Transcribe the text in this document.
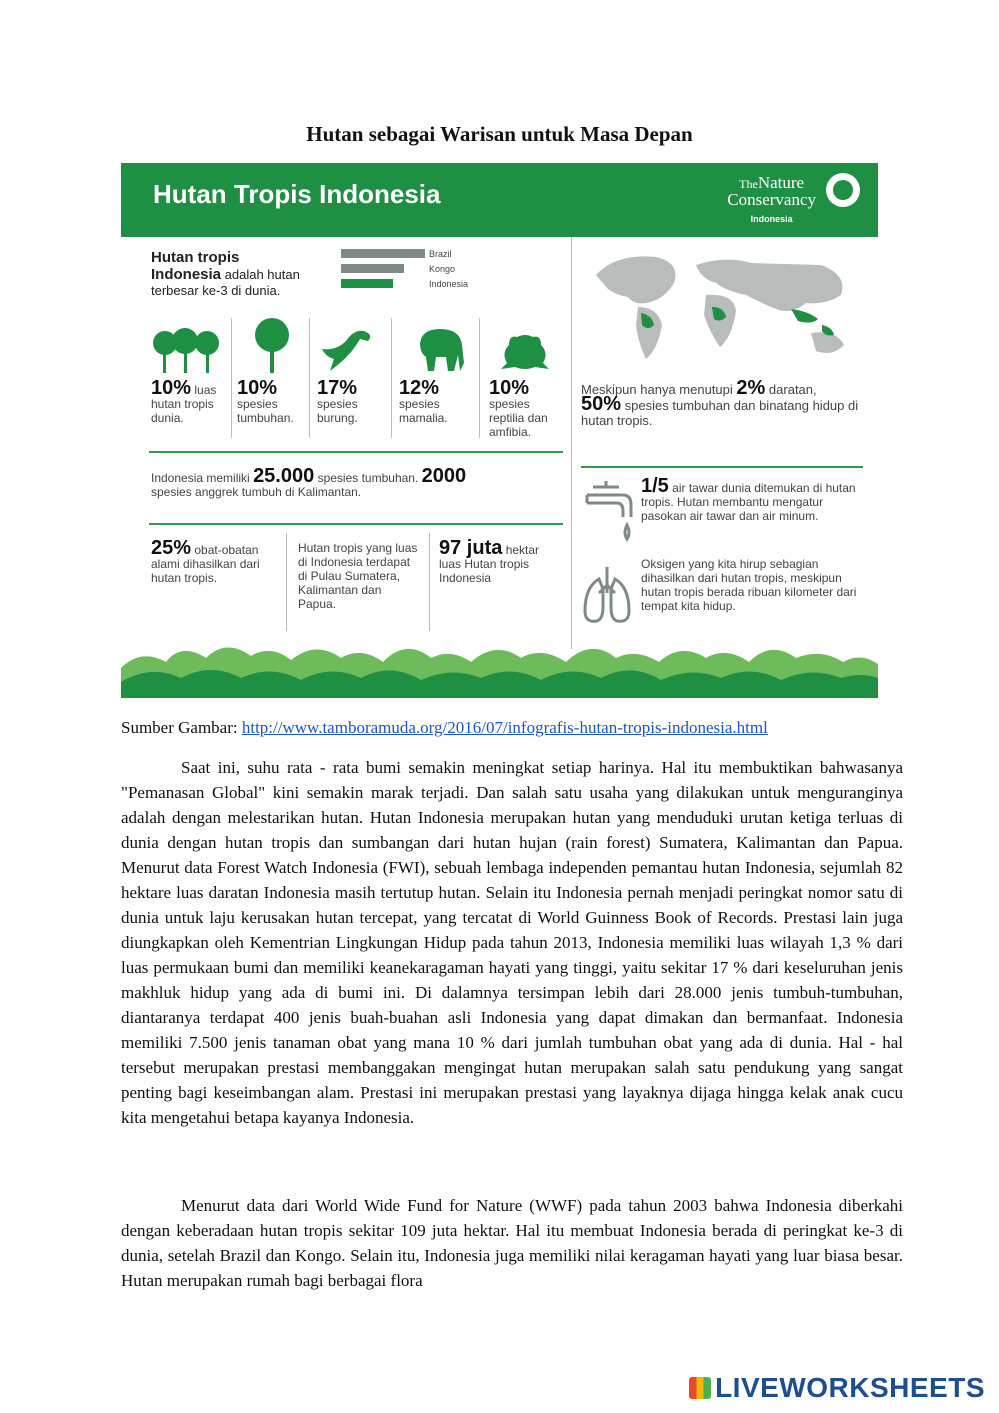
Hutan sebagai Warisan untuk Masa Depan
Hutan Tropis Indonesia	TheNature
Conservancy
Indonesia
Hutan tropis
Indonesia adalah hutan
terbesar ke-3 di dunia.
Brazil
Kongo
Indonesia
10% luas
hutan tropis dunia.
10%
spesies tumbuhan.
17%
spesies burung.
12%
spesies mamalia.
10%
spesies reptilia dan amfibia.
Indonesia memiliki 25.000 spesies tumbuhan. 2000
spesies anggrek tumbuh di Kalimantan.
25% obat-obatan alami dihasilkan dari hutan tropis.
Hutan tropis yang luas di Indonesia terdapat di Pulau Sumatera, Kalimantan dan Papua.
97 juta hektar luas Hutan tropis Indonesia
Meskipun hanya menutupi 2% daratan,
50% spesies tumbuhan dan binatang hidup di hutan tropis.
1/5 air tawar dunia ditemukan di hutan tropis. Hutan membantu mengatur pasokan air tawar dan air minum.
Oksigen yang kita hirup sebagian dihasilkan dari hutan tropis, meskipun hutan tropis berada ribuan kilometer dari tempat kita hidup.
Sumber Gambar: http://www.tamboramuda.org/2016/07/infografis-hutan-tropis-indonesia.html

Saat ini, suhu rata - rata bumi semakin meningkat setiap harinya. Hal itu membuktikan bahwasanya "Pemanasan Global" kini semakin marak terjadi. Dan salah satu usaha yang dilakukan untuk menguranginya adalah dengan melestarikan hutan. Hutan Indonesia merupakan hutan yang menduduki urutan ketiga terluas di dunia dengan hutan tropis dan sumbangan dari hutan hujan (rain forest) Sumatera, Kalimantan dan Papua. Menurut data Forest Watch Indonesia (FWI), sebuah lembaga independen pemantau hutan Indonesia, sejumlah 82 hektare luas daratan Indonesia masih tertutup hutan. Selain itu Indonesia pernah menjadi peringkat nomor satu di dunia untuk laju kerusakan hutan tercepat, yang tercatat di World Guinness Book of Records. Prestasi lain juga diungkapkan oleh Kementrian Lingkungan Hidup pada tahun 2013, Indonesia memiliki luas wilayah 1,3 % dari luas permukaan bumi dan memiliki keanekaragaman hayati yang tinggi, yaitu sekitar 17 % dari keseluruhan jenis makhluk hidup yang ada di bumi ini. Di dalamnya tersimpan lebih dari 28.000 jenis tumbuh-tumbuhan, diantaranya terdapat 400 jenis buah-buahan asli Indonesia yang dapat dimakan dan bermanfaat. Indonesia memiliki 7.500 jenis tanaman obat yang mana 10 % dari jumlah tumbuhan obat yang ada di dunia. Hal - hal tersebut merupakan prestasi membanggakan mengingat hutan merupakan salah satu pendukung yang sangat penting bagi keseimbangan alam. Prestasi ini merupakan prestasi yang layaknya dijaga hingga kelak anak cucu kita mengetahui betapa kayanya Indonesia.

Menurut data dari World Wide Fund for Nature (WWF) pada tahun 2003 bahwa Indonesia diberkahi dengan keberadaan hutan tropis sekitar 109 juta hektar. Hal itu membuat Indonesia berada di peringkat ke-3 di dunia, setelah Brazil dan Kongo. Selain itu, Indonesia juga memiliki nilai keragaman hayati yang luar biasa besar. Hutan merupakan rumah bagi berbagai flora

LIVEWORKSHEETS
